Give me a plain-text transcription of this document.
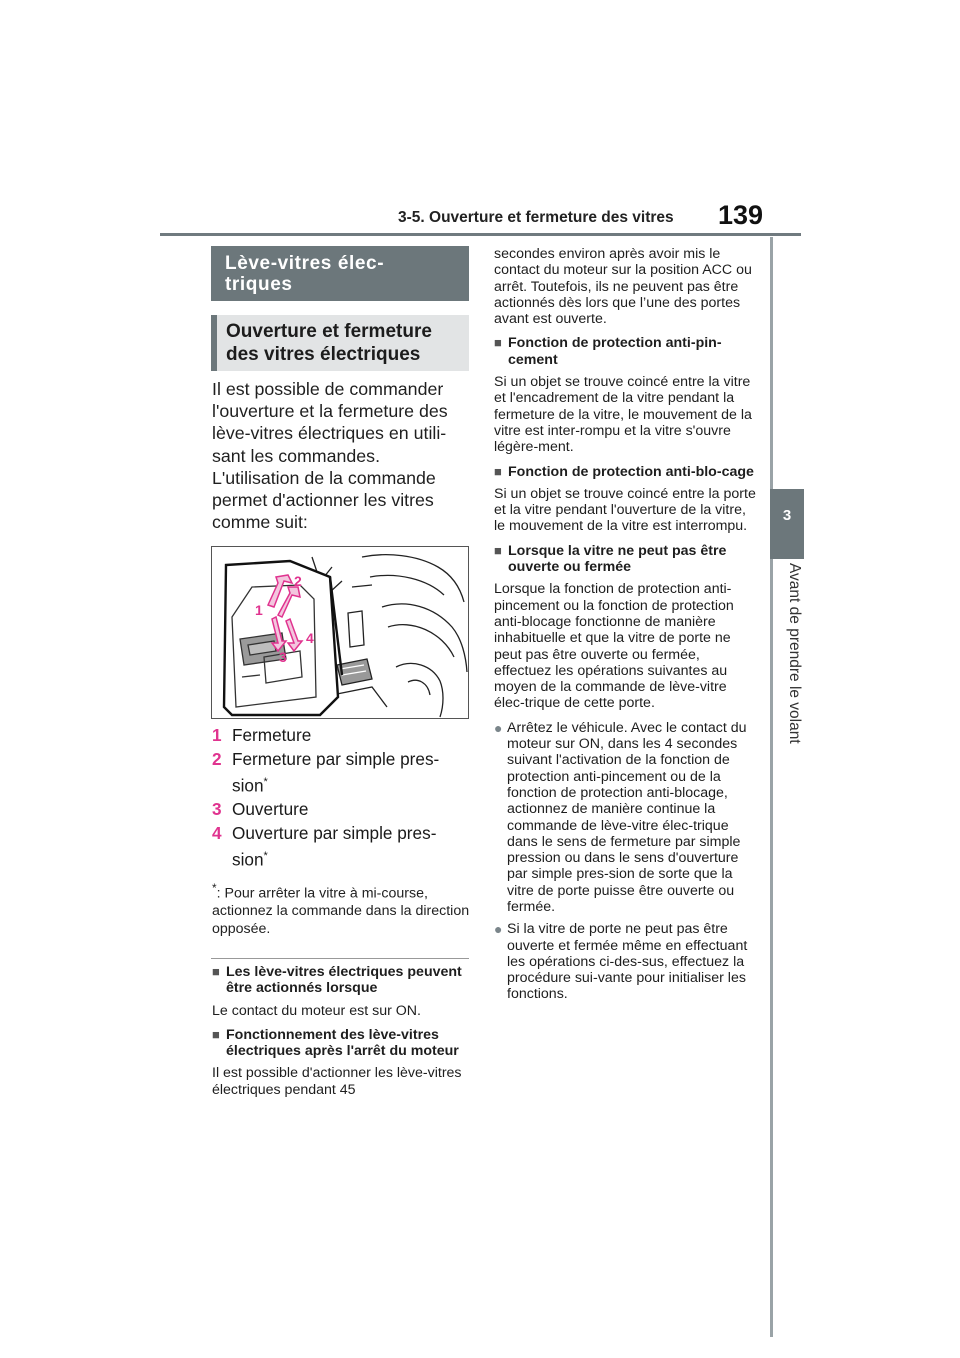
3-5. Ouverture et fermeture des vitres 139
3
Avant de prendre le volant
Lève-vitres élec-
triques
Ouverture et fermeture
des vitres électriques
Il est possible de commander l'ouverture et la fermeture des lève-vitres électriques en utili-sant les commandes.
L'utilisation de la commande permet d'actionner les vitres comme suit:
2
1
4
3
1 Fermeture
2 Fermeture par simple pres-sion*
3 Ouverture
4 Ouverture par simple pres-sion*
*: Pour arrêter la vitre à mi-course, actionnez la commande dans la direction opposée.
■ Les lève-vitres électriques peuvent être actionnés lorsque
Le contact du moteur est sur ON.
■ Fonctionnement des lève-vitres électriques après l'arrêt du moteur
Il est possible d'actionner les lève-vitres électriques pendant 45
secondes environ après avoir mis le contact du moteur sur la position ACC ou arrêt. Toutefois, ils ne peuvent pas être actionnés dès lors que l’une des portes avant est ouverte.
■ Fonction de protection anti-pin-cement
Si un objet se trouve coincé entre la vitre et l'encadrement de la vitre pendant la fermeture de la vitre, le mouvement de la vitre est inter-rompu et la vitre s'ouvre légère-ment.
■ Fonction de protection anti-blo-cage
Si un objet se trouve coincé entre la porte et la vitre pendant l'ouverture de la vitre, le mouvement de la vitre est interrompu.
■ Lorsque la vitre ne peut pas être ouverte ou fermée
Lorsque la fonction de protection anti-pincement ou la fonction de protection anti-blocage fonctionne de manière inhabituelle et que la vitre de porte ne peut pas être ouverte ou fermée, effectuez les opérations suivantes au moyen de la commande de lève-vitre élec-trique de cette porte.
● Arrêtez le véhicule. Avec le contact du moteur sur ON, dans les 4 secondes suivant l'activation de la fonction de protection anti-pincement ou de la fonction de protection anti-blocage, actionnez de manière continue la commande de lève-vitre élec-trique dans le sens de fermeture par simple pression ou dans le sens d'ouverture par simple pres-sion de sorte que la vitre de porte puisse être ouverte ou fermée.
● Si la vitre de porte ne peut pas être ouverte et fermée même en effectuant les opérations ci-des-sus, effectuez la procédure sui-vante pour initialiser les fonctions.
